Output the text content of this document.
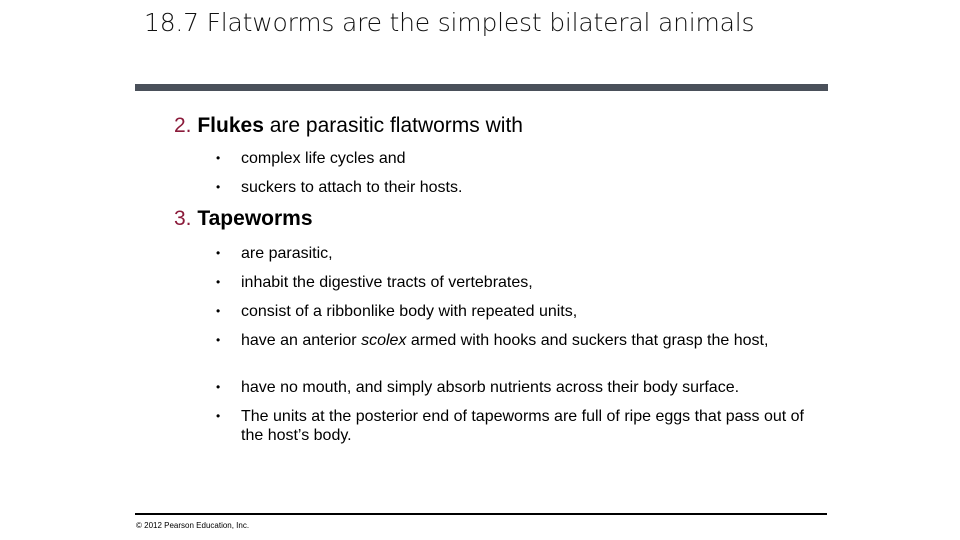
18.7 Flatworms are the simplest bilateral animals
2. Flukes are parasitic flatworms with
• complex life cycles and
• suckers to attach to their hosts.
3. Tapeworms
• are parasitic,
• inhabit the digestive tracts of vertebrates,
• consist of a ribbonlike body with repeated units,
• have an anterior scolex armed with hooks and suckers that grasp the host,
• have no mouth, and simply absorb nutrients across their body surface.
• The units at the posterior end of tapeworms are full of ripe eggs that pass out of the host’s body.
© 2012 Pearson Education, Inc.
